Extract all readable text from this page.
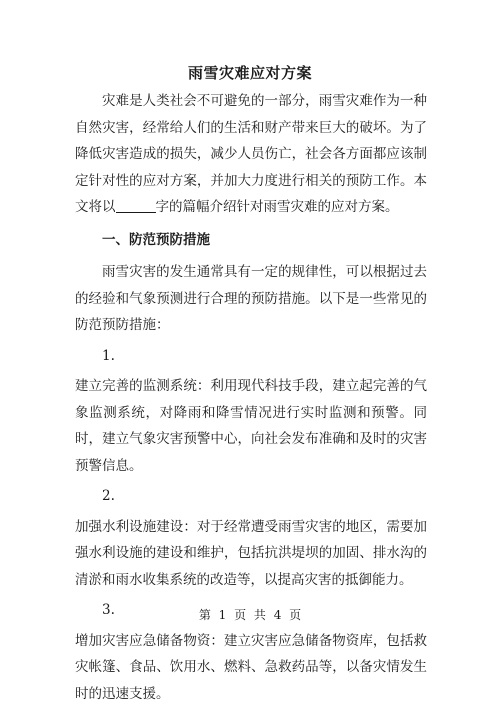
雨雪灾难应对方案

灾难是人类社会不可避免的一部分，雨雪灾难作为一种自然灾害，经常给人们的生活和财产带来巨大的破坏。为了降低灾害造成的损失，减少人员伤亡，社会各方面都应该制定针对性的应对方案，并加大力度进行相关的预防工作。本文将以	字的篇幅介绍针对雨雪灾难的应对方案。

一、防范预防措施

雨雪灾害的发生通常具有一定的规律性，可以根据过去的经验和气象预测进行合理的预防措施。以下是一些常见的防范预防措施：

1.

建立完善的监测系统：利用现代科技手段，建立起完善的气象监测系统，对降雨和降雪情况进行实时监测和预警。同时，建立气象灾害预警中心，向社会发布准确和及时的灾害预警信息。

2.

加强水利设施建设：对于经常遭受雨雪灾害的地区，需要加强水利设施的建设和维护，包括抗洪堤坝的加固、排水沟的清淤和雨水收集系统的改造等，以提高灾害的抵御能力。

3.

增加灾害应急储备物资：建立灾害应急储备物资库，包括救灾帐篷、食品、饮用水、燃料、急救药品等，以备灾情发生时的迅速支援。

第 1 页 共 4 页
